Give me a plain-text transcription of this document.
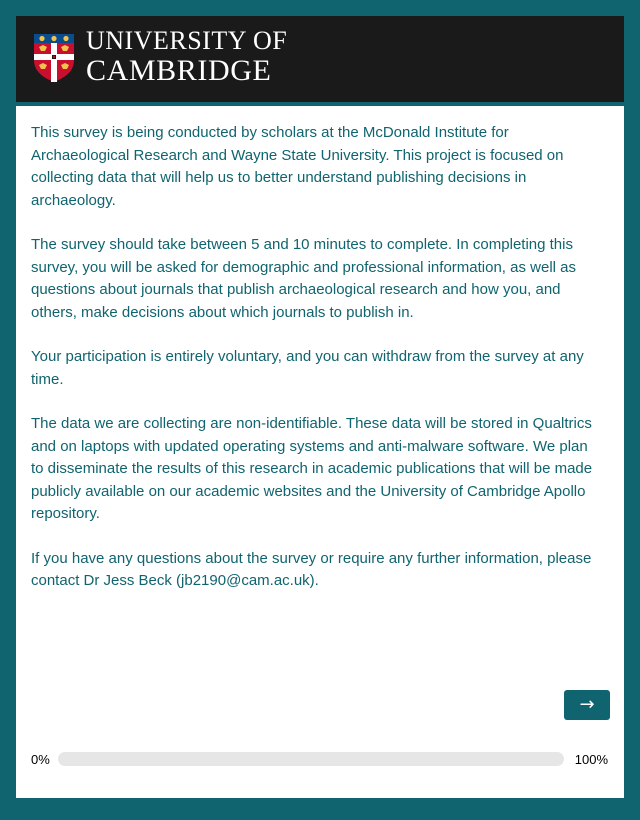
UNIVERSITY OF
CAMBRIDGE

This survey is being conducted by scholars at the McDonald Institute for Archaeological Research and Wayne State University. This project is focused on collecting data that will help us to better understand publishing decisions in archaeology.

The survey should take between 5 and 10 minutes to complete. In completing this survey, you will be asked for demographic and professional information, as well as questions about journals that publish archaeological research and how you, and others, make decisions about which journals to publish in.

Your participation is entirely voluntary, and you can withdraw from the survey at any time.

The data we are collecting are non-identifiable. These data will be stored in Qualtrics and on laptops with updated operating systems and anti-malware software. We plan to disseminate the results of this research in academic publications that will be made publicly available on our academic websites and the University of Cambridge Apollo repository.

If you have any questions about the survey or require any further information, please contact Dr Jess Beck (jb2190@cam.ac.uk).

→
0%	100%
